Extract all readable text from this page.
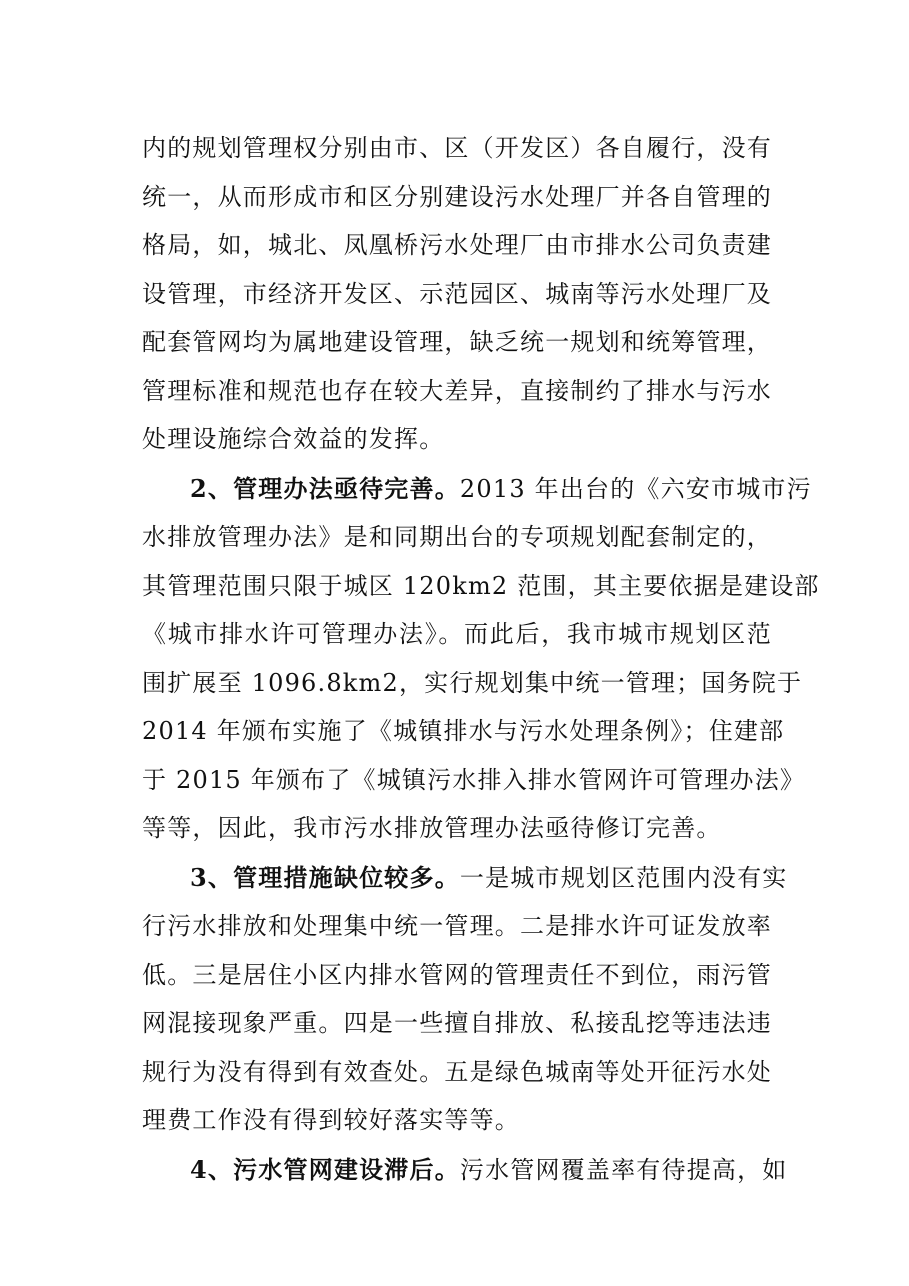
内的规划管理权分别由市、区（开发区）各自履行，没有
统一，从而形成市和区分别建设污水处理厂并各自管理的
格局，如，城北、凤凰桥污水处理厂由市排水公司负责建
设管理，市经济开发区、示范园区、城南等污水处理厂及
配套管网均为属地建设管理，缺乏统一规划和统筹管理，
管理标准和规范也存在较大差异，直接制约了排水与污水
处理设施综合效益的发挥。
2、管理办法亟待完善。2013 年出台的《六安市城市污
水排放管理办法》是和同期出台的专项规划配套制定的，
其管理范围只限于城区 120km2 范围，其主要依据是建设部
《城市排水许可管理办法》。而此后，我市城市规划区范
围扩展至 1096.8km2，实行规划集中统一管理；国务院于
2014 年颁布实施了《城镇排水与污水处理条例》；住建部
于 2015 年颁布了《城镇污水排入排水管网许可管理办法》
等等，因此，我市污水排放管理办法亟待修订完善。
3、管理措施缺位较多。一是城市规划区范围内没有实
行污水排放和处理集中统一管理。二是排水许可证发放率
低。三是居住小区内排水管网的管理责任不到位，雨污管
网混接现象严重。四是一些擅自排放、私接乱挖等违法违
规行为没有得到有效查处。五是绿色城南等处开征污水处
理费工作没有得到较好落实等等。
4、污水管网建设滞后。污水管网覆盖率有待提高，如
